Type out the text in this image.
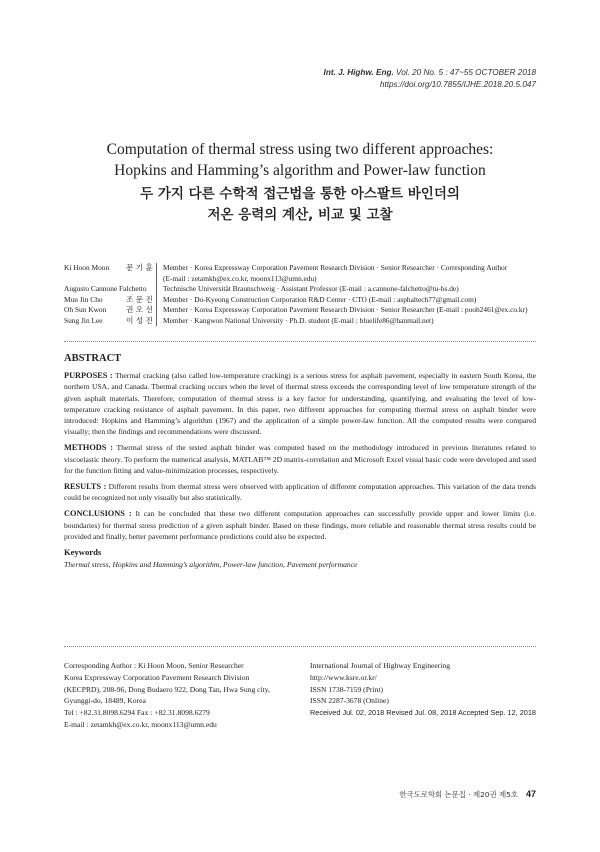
Int. J. Highw. Eng. Vol. 20 No. 5 : 47~55 OCTOBER 2018
https://doi.org/10.7855/IJHE.2018.20.5.047
Computation of thermal stress using two different approaches:
Hopkins and Hamming’s algorithm and Power-law function
두 가지 다른 수학적 접근법을 통한 아스팔트 바인더의
저온 응력의 계산, 비교 및 고찰
Ki Hoon Moon	문 기 훈	Member · Korea Expressway Corporation Pavement Research Division · Senior Researcher · Corresponding Author
(E-mail : zetamkh@ex.co.kr, moonx113@umn.edu)
Augusto Cannone Falchetto	Technische Universität Braunschweig · Assistant Professor (E-mail : a.cannone-falchetto@tu-bs.de)
Mun Jin Cho	조 문 진	Member · Do-Kyeong Construction Corporation R&D Center · CTO (E-mail : asphaltech77@gmail.com)
Oh Sun Kwon	권 오 선	Member · Korea Expressway Corporation Pavement Research Division · Senior Researcher (E-mail : pooh2461@ex.co.kr)
Sung Jin Lee	이 성 진	Member · Kangwon National University · Ph.D. student (E-mail : bluelife86@hanmail.net)
ABSTRACT

PURPOSES : Thermal cracking (also called low-temperature cracking) is a serious stress for asphalt pavement, especially in eastern South Korea, the northern USA, and Canada. Thermal cracking occurs when the level of thermal stress exceeds the corresponding level of low temperature strength of the given asphalt materials. Therefore, computation of thermal stress is a key factor for understanding, quantifying, and evaluating the level of low-temperature cracking resistance of asphalt pavement. In this paper, two different approaches for computing thermal stress on asphalt binder were introduced: Hopkins and Hamming’s algorithm (1967) and the application of a simple power-law function. All the computed results were compared visually; then the findings and recommendations were discussed.

METHODS : Thermal stress of the tested asphalt binder was computed based on the methodology introduced in previous literatures related to viscoelastic theory. To perform the numerical analysis, MATLAB™ 2D matrix-correlation and Microsoft Excel visual basic code were developed and used for the function fitting and value-minimization processes, respectively.

RESULTS : Different results from thermal stress were observed with application of different computation approaches. This variation of the data trends could be recognized not only visually but also statistically.

CONCLUSIONS : It can be concluded that these two different computation approaches can successfully provide upper and lower limits (i.e. boundaries) for thermal stress prediction of a given asphalt binder. Based on these findings, more reliable and reasonable thermal stress results could be provided and finally, better pavement performance predictions could also be expected.

Keywords
Thermal stress, Hopkins and Hamming’s algorithm, Power-law function, Pavement performance
Corresponding Author : Ki Hoon Moon, Senior Researcher
Korea Expressway Corporation Pavement Research Division
(KECPRD), 208-96, Dong Budaero 922, Dong Tan, Hwa Sung city,
Gyunggi-do, 18489, Korea
Tel : +82.31.8098.6294 Fax : +82.31.8098.6279
E-mail : zetamkh@ex.co.kr, moonx113@umn.edu
International Journal of Highway Engineering
http://www.ksre.or.kr/
ISSN 1738-7159 (Print)
ISSN 2287-3678 (Online)
Received Jul. 02, 2018 Revised Jul. 08, 2018 Accepted Sep. 12, 2018
한국도로학회 논문집 · 제20권 제5호 47
